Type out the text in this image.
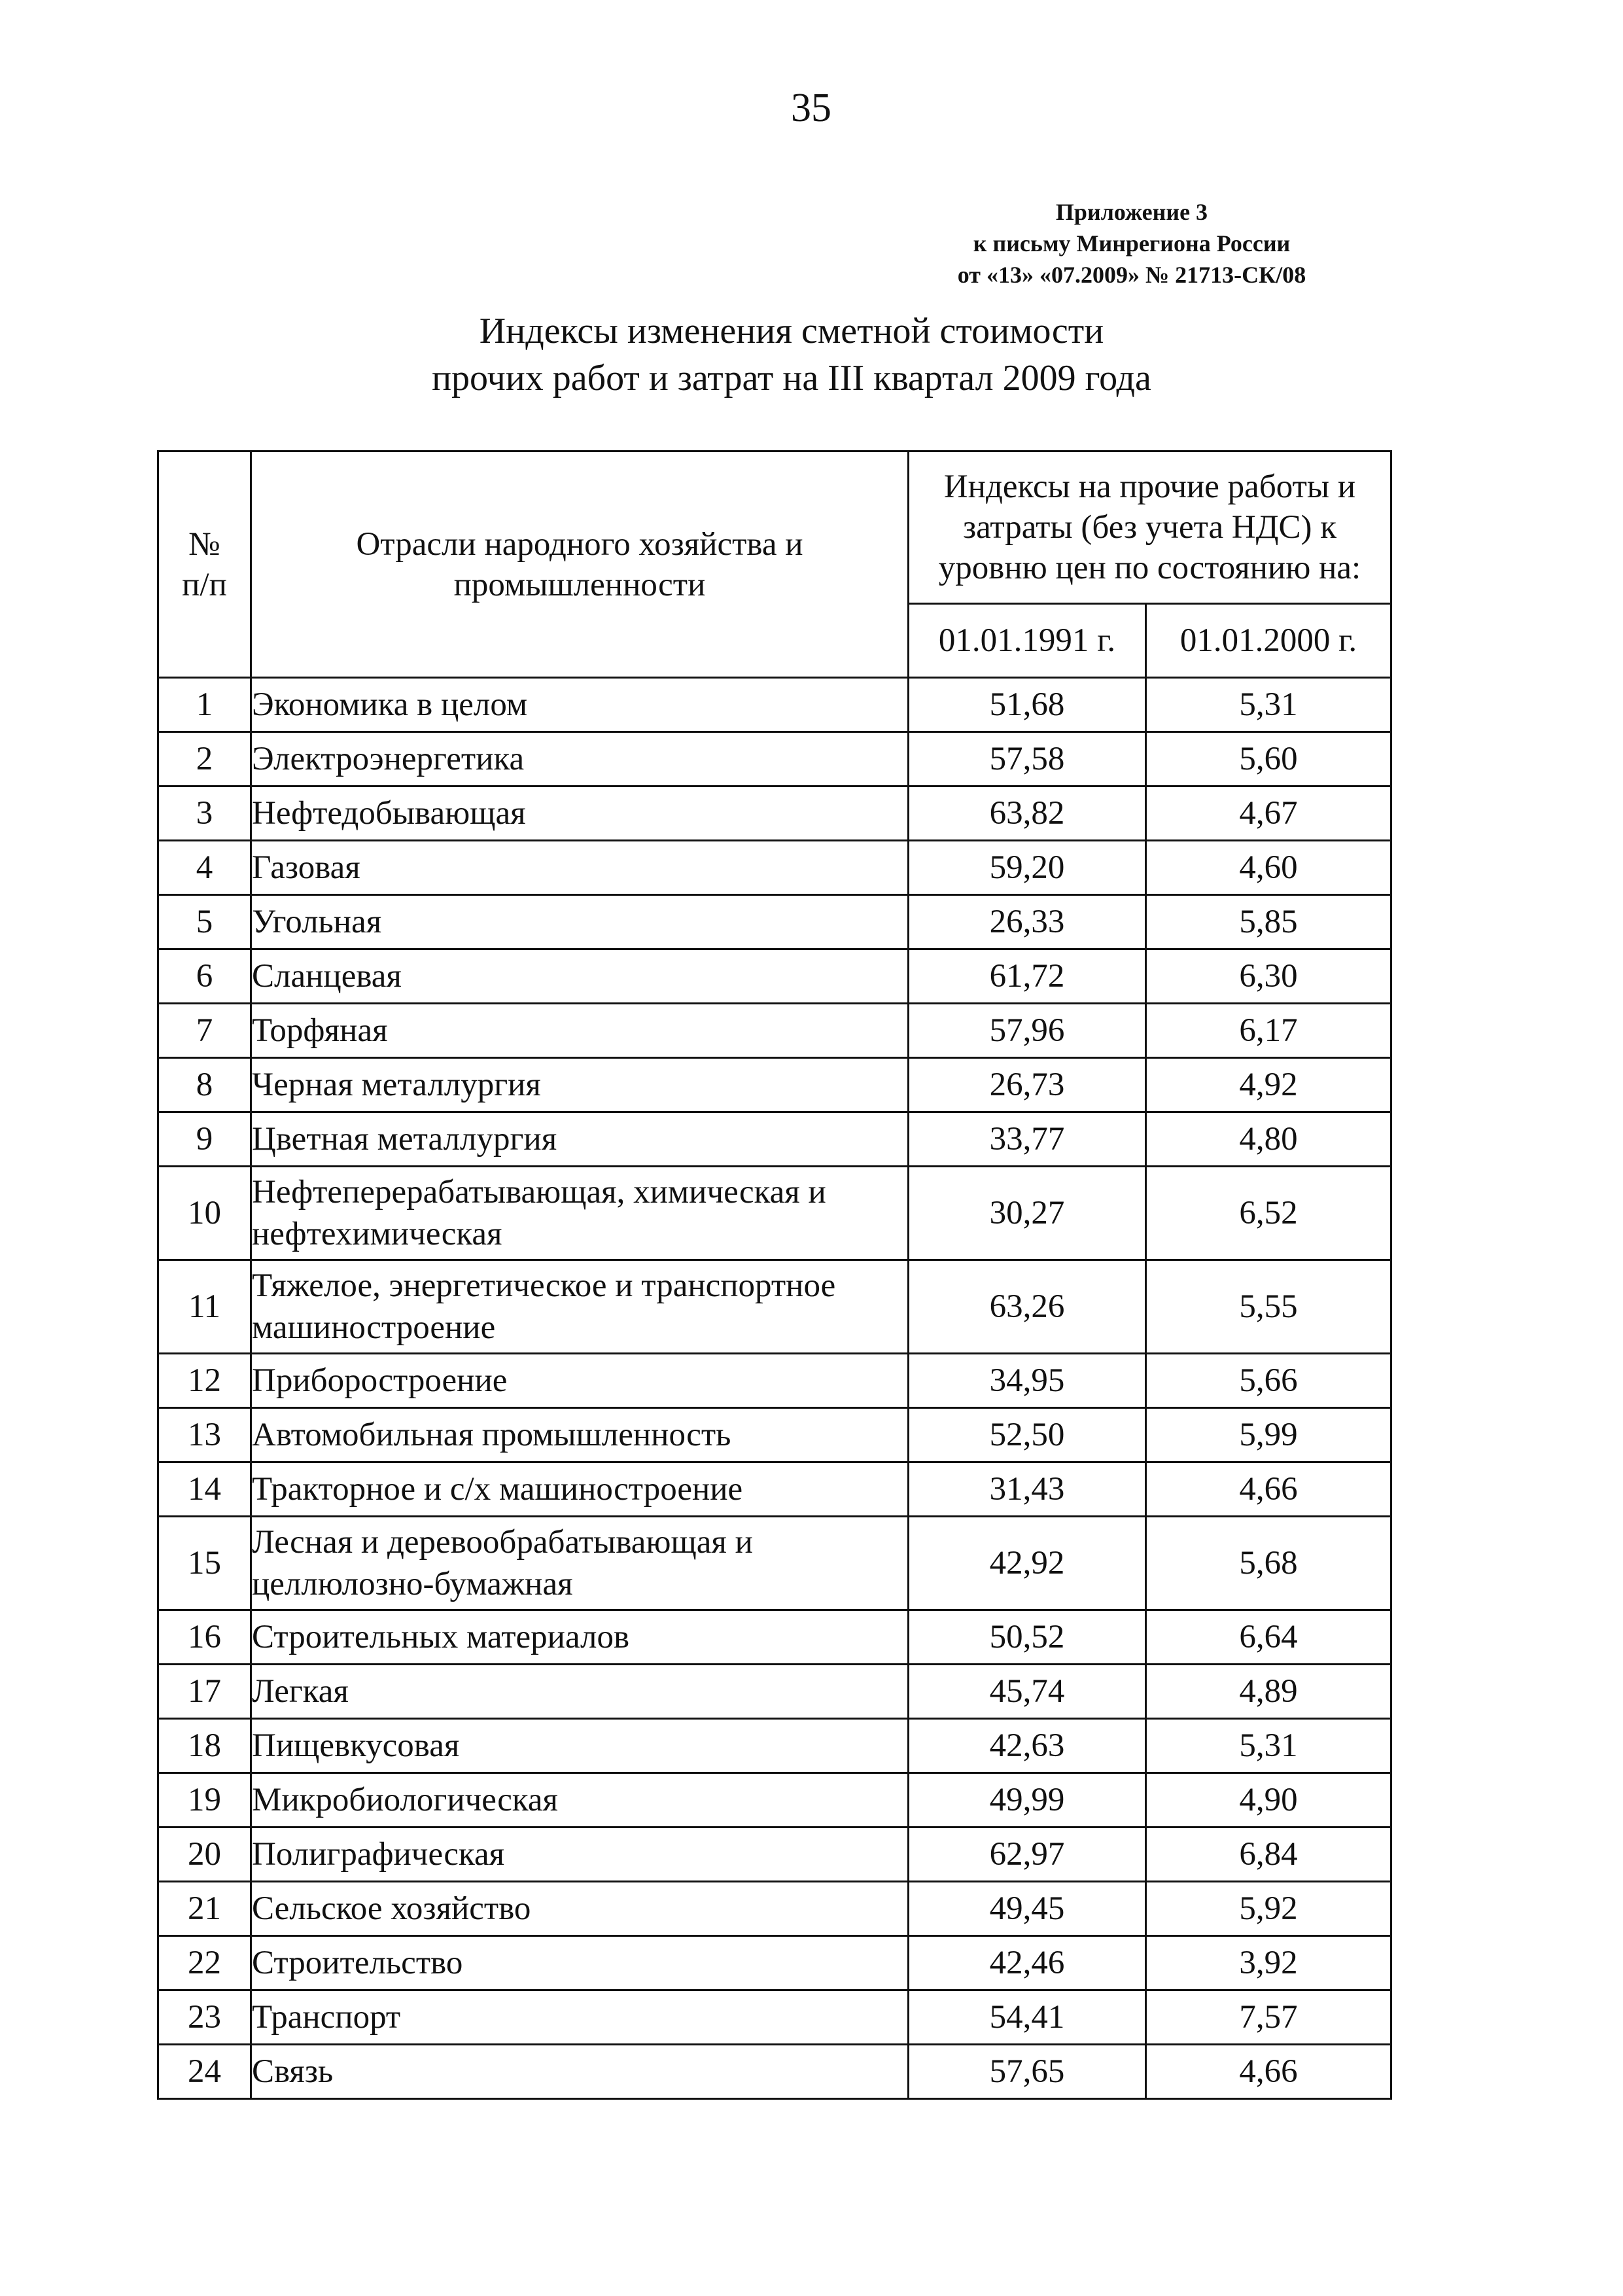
35
Приложение 3
к письму Минрегиона России
от «13» «07.2009» № 21713-СК/08
Индексы изменения сметной стоимости
прочих работ и затрат на III квартал 2009 года
№ п/п	Отрасли народного хозяйства и промышленности	Индексы на прочие работы и затраты (без учета НДС) к уровню цен по состоянию на:	
		01.01.1991 г.	01.01.2000 г.
1	Экономика в целом	51,68	5,31
2	Электроэнергетика	57,58	5,60
3	Нефтедобывающая	63,82	4,67
4	Газовая	59,20	4,60
5	Угольная	26,33	5,85
6	Сланцевая	61,72	6,30
7	Торфяная	57,96	6,17
8	Черная металлургия	26,73	4,92
9	Цветная металлургия	33,77	4,80
10	Нефтеперерабатывающая, химическая и нефтехимическая	30,27	6,52
11	Тяжелое, энергетическое и транспортное машиностроение	63,26	5,55
12	Приборостроение	34,95	5,66
13	Автомобильная промышленность	52,50	5,99
14	Тракторное и с/х машиностроение	31,43	4,66
15	Лесная и деревообрабатывающая и целлюлозно-бумажная	42,92	5,68
16	Строительных материалов	50,52	6,64
17	Легкая	45,74	4,89
18	Пищевкусовая	42,63	5,31
19	Микробиологическая	49,99	4,90
20	Полиграфическая	62,97	6,84
21	Сельское хозяйство	49,45	5,92
22	Строительство	42,46	3,92
23	Транспорт	54,41	7,57
24	Связь	57,65	4,66
